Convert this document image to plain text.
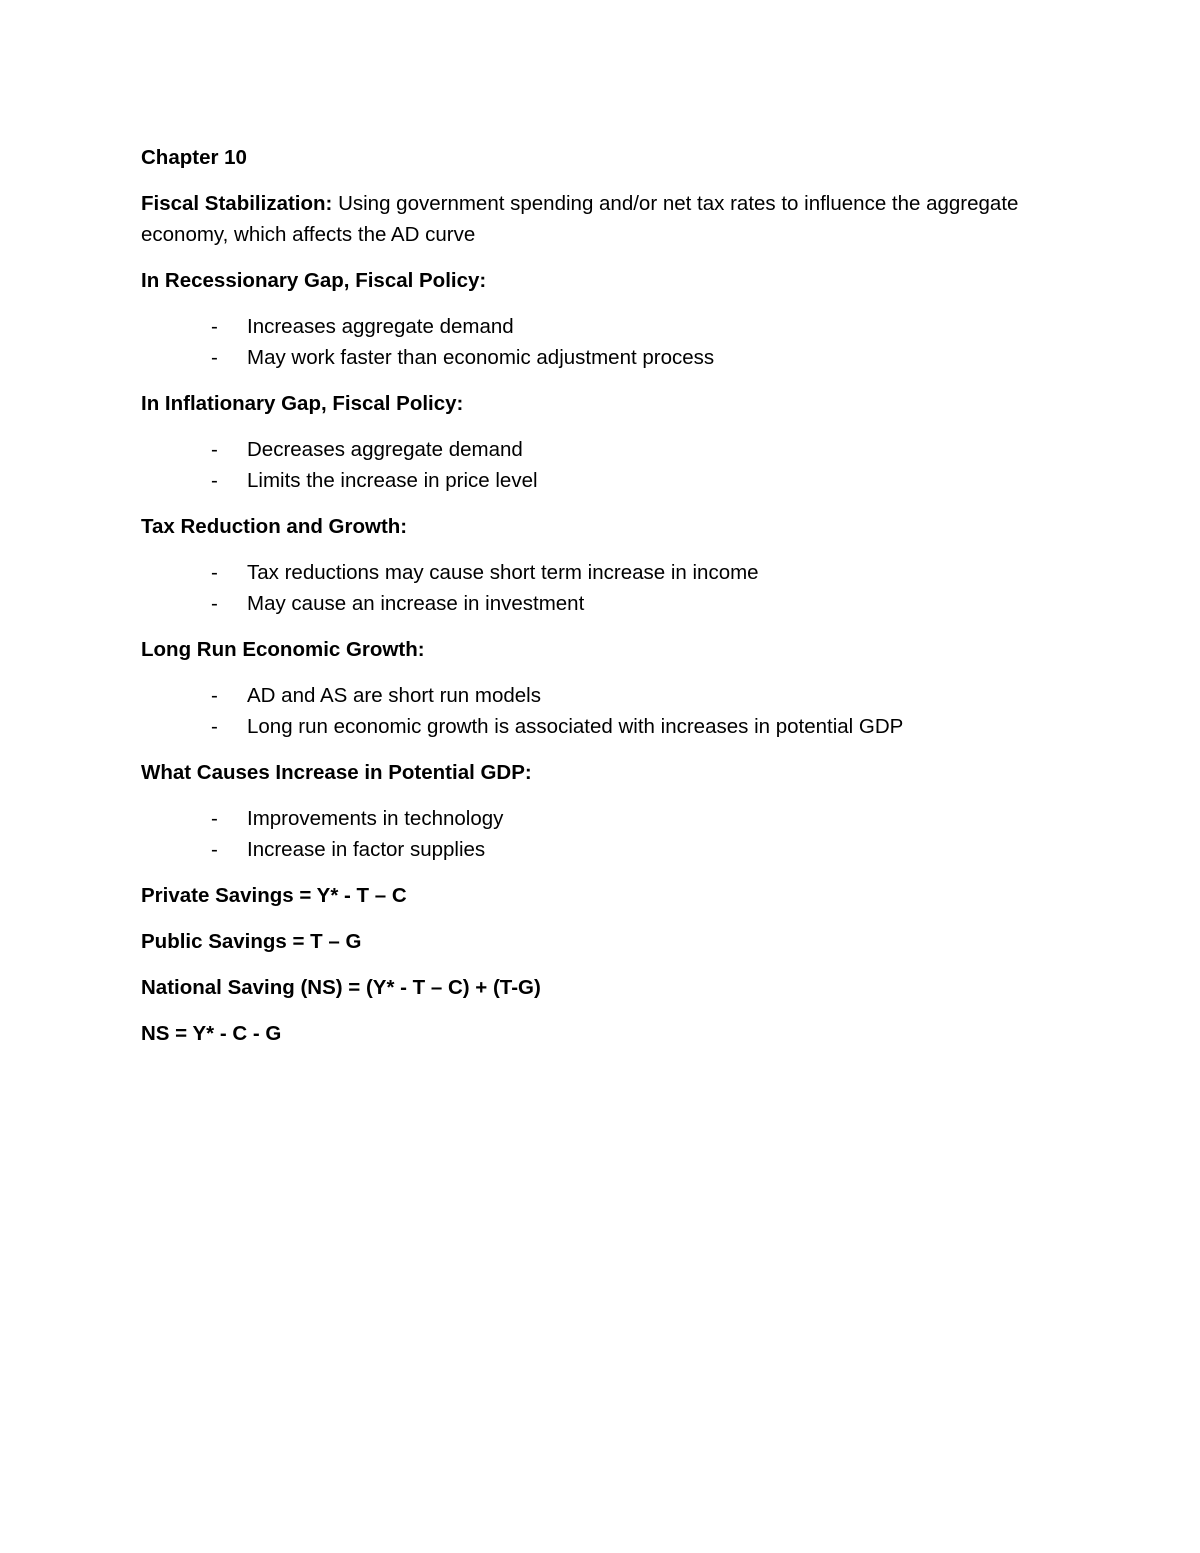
Chapter 10

Fiscal Stabilization: Using government spending and/or net tax rates to influence the aggregate
economy, which affects the AD curve

In Recessionary Gap, Fiscal Policy:

- Increases aggregate demand
- May work faster than economic adjustment process

In Inflationary Gap, Fiscal Policy:

- Decreases aggregate demand
- Limits the increase in price level

Tax Reduction and Growth:

- Tax reductions may cause short term increase in income
- May cause an increase in investment

Long Run Economic Growth:

- AD and AS are short run models
- Long run economic growth is associated with increases in potential GDP

What Causes Increase in Potential GDP:

- Improvements in technology
- Increase in factor supplies

Private Savings = Y* - T – C

Public Savings = T – G

National Saving (NS) = (Y* - T – C) + (T-G)

NS = Y* - C - G
